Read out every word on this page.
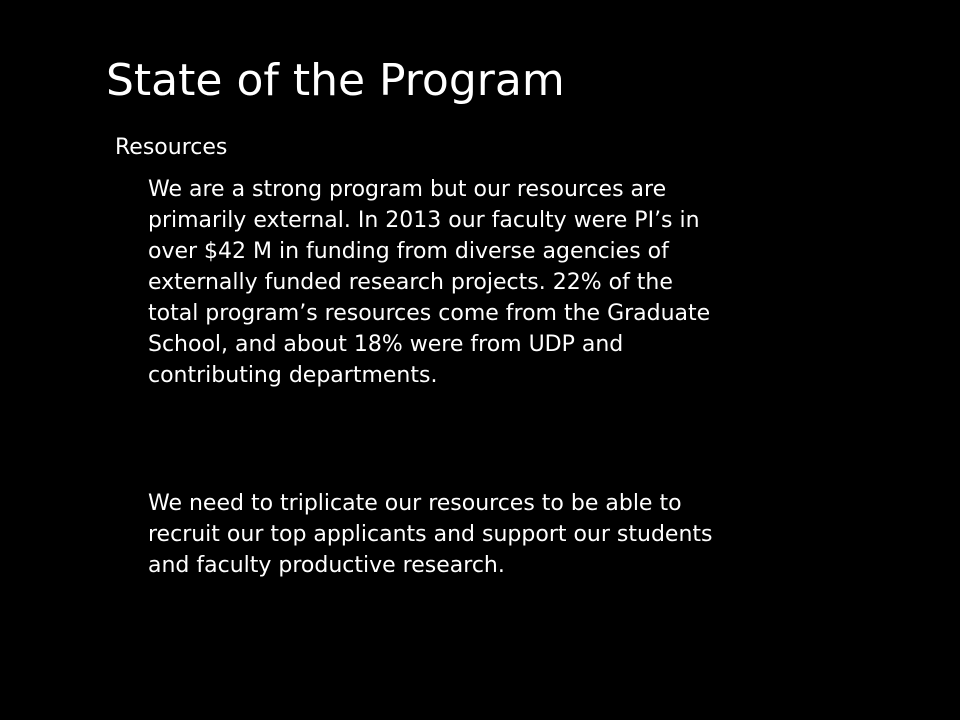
State of the Program
Resources

We are a strong program but our resources are
primarily external. In 2013 our faculty were PI’s in
over $42 M in funding from diverse agencies of
externally funded research projects. 22% of the
total program’s resources come from the Graduate
School, and about 18% were from UDP and
contributing departments.

We need to triplicate our resources to be able to
recruit our top applicants and support our students
and faculty productive research.
